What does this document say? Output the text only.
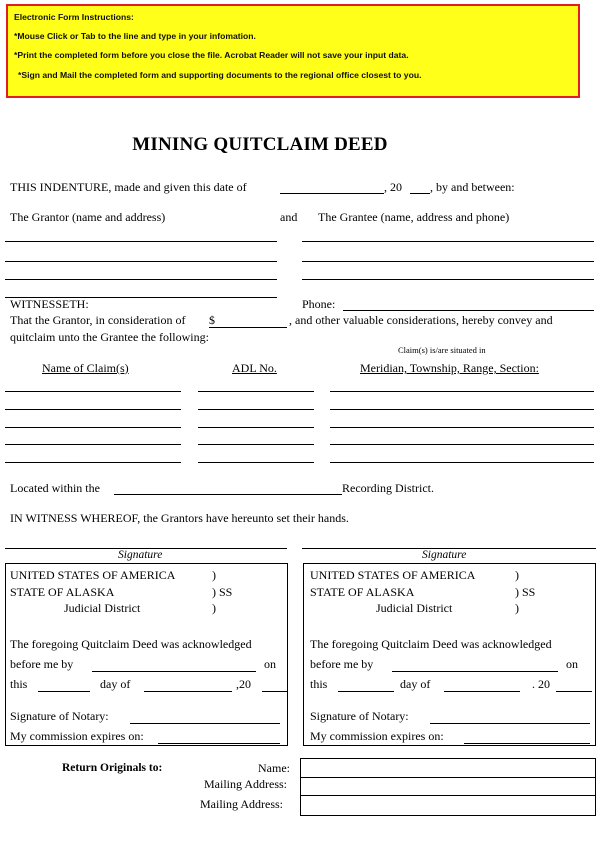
Electronic Form Instructions:
*Mouse Click or Tab to the line and type in your infomation.
*Print the completed form before you close the file. Acrobat Reader will not save your input data.
*Sign and Mail the completed form and supporting documents to the regional office closest to you.
MINING QUITCLAIM DEED
THIS INDENTURE, made and given this date of	, 20 , by and between:
The Grantor (name and address)	and The Grantee (name, address and phone)
WITNESSETH:	Phone:
That the Grantor, in consideration of $	, and other valuable considerations, hereby convey and
quitclaim unto the Grantee the following:
Claim(s) is/are situated in
Name of Claim(s)	ADL No.	Meridian, Township, Range, Section:
Located within the	Recording District.
IN WITNESS WHEREOF, the Grantors have hereunto set their hands.
Signature
UNITED STATES OF AMERICA	)
STATE OF ALASKA	) SS
Judicial District	)
The foregoing Quitclaim Deed was acknowledged
before me by	on
this	day of	,20
Signature of Notary:
My commission expires on:
Signature
UNITED STATES OF AMERICA	)
STATE OF ALASKA	) SS
Judicial District	)
The foregoing Quitclaim Deed was acknowledged
before me by	on
this	day of	. 20
Signature of Notary:
My commission expires on:
Return Originals to:	Name:
Mailing Address:
Mailing Address:
